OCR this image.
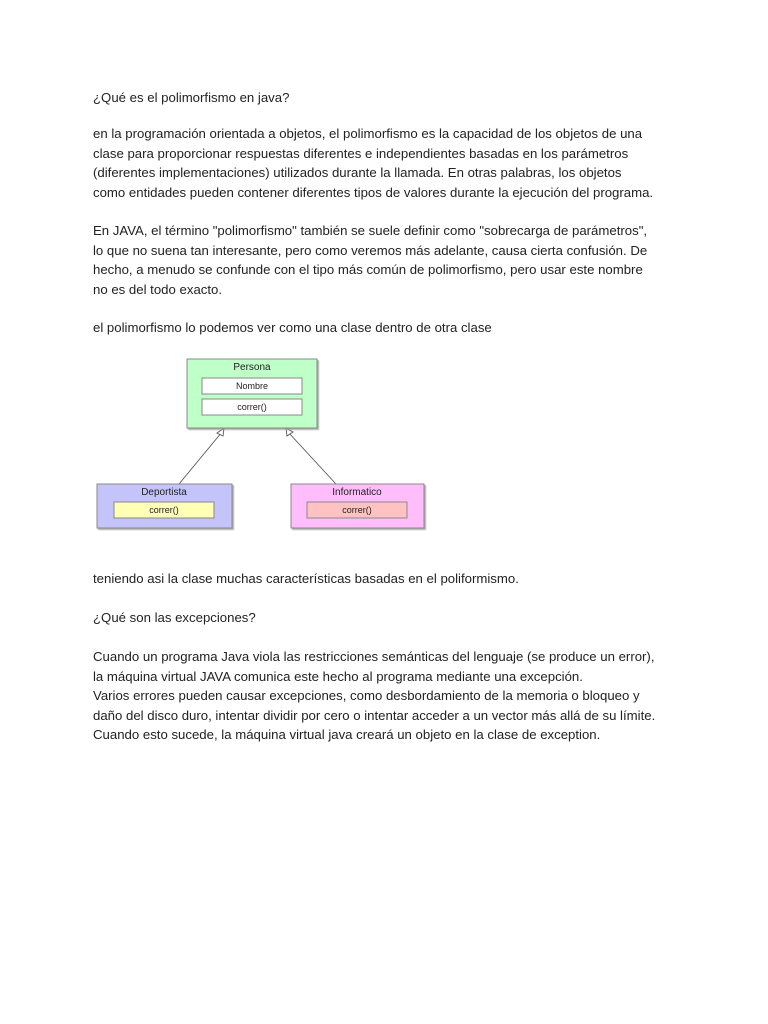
¿Qué es el polimorfismo en java?
en la programación orientada a objetos, el polimorfismo es la capacidad de los objetos de una
clase para proporcionar respuestas diferentes e independientes basadas en los parámetros
(diferentes implementaciones) utilizados durante la llamada. En otras palabras, los objetos
como entidades pueden contener diferentes tipos de valores durante la ejecución del programa.
En JAVA, el término "polimorfismo" también se suele definir como "sobrecarga de parámetros",
lo que no suena tan interesante, pero como veremos más adelante, causa cierta confusión. De
hecho, a menudo se confunde con el tipo más común de polimorfismo, pero usar este nombre
no es del todo exacto.
el polimorfismo lo podemos ver como una clase dentro de otra clase
Persona
Nombre
correr()
Deportista
correr()
Informatico
correr()
teniendo asi la clase muchas características basadas en el poliformismo.
¿Qué son las excepciones?
Cuando un programa Java viola las restricciones semánticas del lenguaje (se produce un error),
la máquina virtual JAVA comunica este hecho al programa mediante una excepción.
Varios errores pueden causar excepciones, como desbordamiento de la memoria o bloqueo y
daño del disco duro, intentar dividir por cero o intentar acceder a un vector más allá de su límite.
Cuando esto sucede, la máquina virtual java creará un objeto en la clase de exception.
